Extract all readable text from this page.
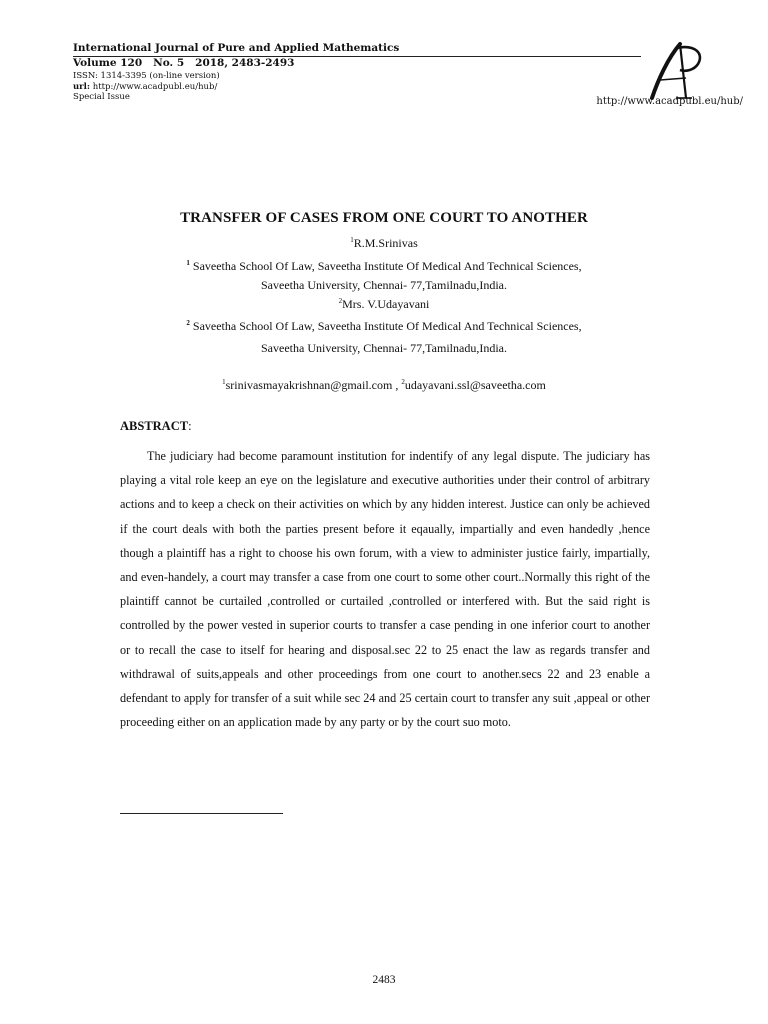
International Journal of Pure and Applied Mathematics
Volume 120   No. 5   2018, 2483-2493
ISSN: 1314-3395 (on-line version)
url: http://www.acadpubl.eu/hub/
Special Issue	http://www.acadpubl.eu/hub/
TRANSFER OF CASES FROM ONE COURT TO ANOTHER
$^1$R.M.Srinivas
$^1$ Saveetha School Of Law, Saveetha Institute Of Medical And Technical Sciences,
Saveetha University, Chennai- 77,Tamilnadu,India.
$^2$Mrs. V.Udayavani
$^2$ Saveetha School Of Law, Saveetha Institute Of Medical And Technical Sciences,
Saveetha University, Chennai- 77,Tamilnadu,India.
$^1$srinivasmayakrishnan@gmail.com , $^2$udayavani.ssl@saveetha.com
ABSTRACT:

The judiciary had become paramount institution for indentify of any legal dispute. The judiciary has playing a vital role keep an eye on the legislature and executive authorities under their control of arbitrary actions and to keep a check on their activities on which by any hidden interest. Justice can only be achieved if the court deals with both the parties present before it eqaually, impartially and even handedly ,hence though a plaintiff has a right to choose his own forum, with a view to administer justice fairly, impartially, and even-handely, a court may transfer a case from one court to some other court..Normally this right of the plaintiff cannot be curtailed ,controlled or curtailed ,controlled or interfered with. But the said right is controlled by the power vested in superior courts to transfer a case pending in one inferior court to another or to recall the case to itself for hearing and disposal.sec 22 to 25 enact the law as regards transfer and withdrawal of suits,appeals and other proceedings from one court to another.secs 22 and 23 enable a defendant to apply for transfer of a suit while sec 24 and 25 certain court to transfer any suit ,appeal or other proceeding either on an application made by any party or by the court suo moto.

2483
